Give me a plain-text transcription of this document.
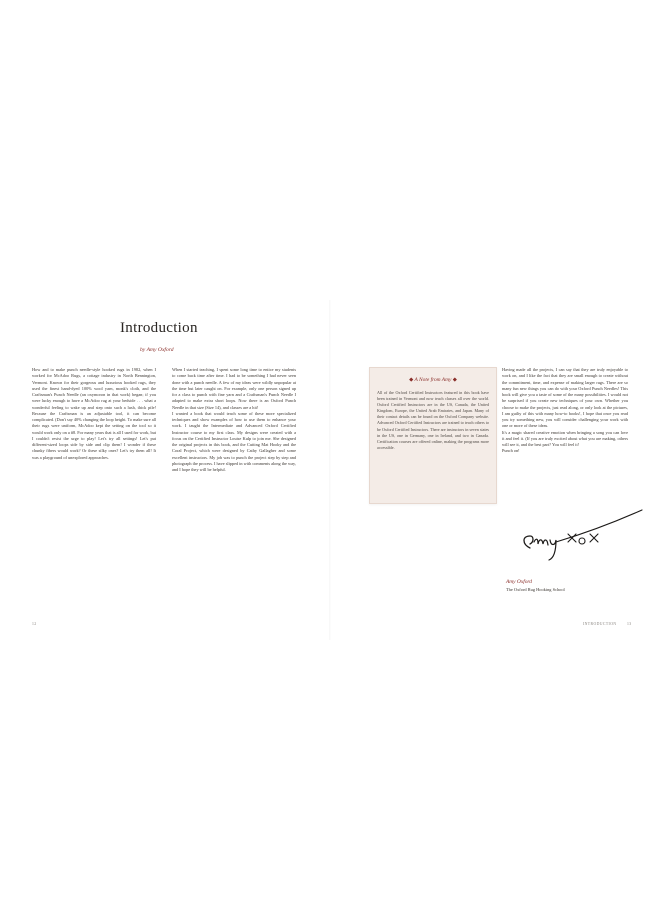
Introduction

by Amy Oxford

How and to make punch needle-style hooked rugs in 1982, when I worked for McAdoo Rugs, a cottage industry in North Bennington, Vermont. Known for their gorgeous and luxurious hooked rugs, they used the finest hand-dyed 100% wool yarn, monk's cloth, and the Craftsman's Punch Needle (an oxymoron in that work) began; if you were lucky enough to have a McAdoo rug at your bedside . . . what a wonderful feeling to wake up and step onto such a lush, thick pile! Because the Craftsman is an adjustable tool, it can become complicated. (Don't say 40% changing the loop height. To make sure all their rugs were uniform, McAdoo kept the setting on the tool so it would work only on a #8. For many years that is all I used for work, but I couldn't resist the urge to play! Let's try all settings! Let's put different-sized loops side by side and clip them! I wonder if these chunky fibers would work? Or these silky ones? Let's try them all! It was a playground of unexplored approaches.

When I started teaching, I spent some long time to entice my students to come back time after time. I had to be something I had never seen done with a punch needle. A few of my ideas were wildly unpopular at the time but later caught on. For example, only one person signed up for a class to punch with fine yarn and a Craftsman's Punch Needle I adapted to make extra short loops. Now there is an Oxford Punch Needle in that size (Size 14), and classes are a hit!
I wanted a book that would teach some of these more specialized techniques and show examples of how to use them to enhance your work. I taught the Intermediate and Advanced Oxford Certified Instructor course to my first class. My designs were created with a focus on the Certified Instructor Louise Kulp to join me. She designed the original projects in this book, and the Cutting Mat Hooky and the Coral Project, which were designed by Cathy Gallagher and some excellent instructors. My job was to punch the project step by step and photograph the process. I have slipped in with comments along the way, and I hope they will be helpful.

◆ A Note from Amy ◆
All of the Oxford Certified Instructors featured in this book have been trained in Vermont and now teach classes all over the world. Oxford Certified Instructors are in the US, Canada, the United Kingdom, Europe, the United Arab Emirates, and Japan. Many of their contact details can be found on the Oxford Company website. Advanced Oxford Certified Instructors are trained to teach others to be Oxford Certified Instructors. There are instructors in seven states in the US, one in Germany, one in Ireland, and two in Canada. Certification courses are offered online, making the programs more accessible.

Having made all the projects, I can say that they are truly enjoyable to work on, and I like the fact that they are small enough to create without the commitment, time, and expense of making larger rugs. There are so many fun new things you can do with your Oxford Punch Needles! This book will give you a taste of some of the many possibilities. I would not be surprised if you create new techniques of your own. Whether you choose to make the projects, just read along, or only look at the pictures, I am guilty of this with many how-to books!, I hope that once you read you try something new, you will consider challenging your work with one or more of these ideas.
It's a magic shared creative emotion when bringing a song you can love it and feel it. (If you are truly excited about what you are making, others will see it, and the best part? You will feel it!
Punch on!

Amy Oxford

The Oxford Rug Hooking School

12	INTRODUCTION	13
